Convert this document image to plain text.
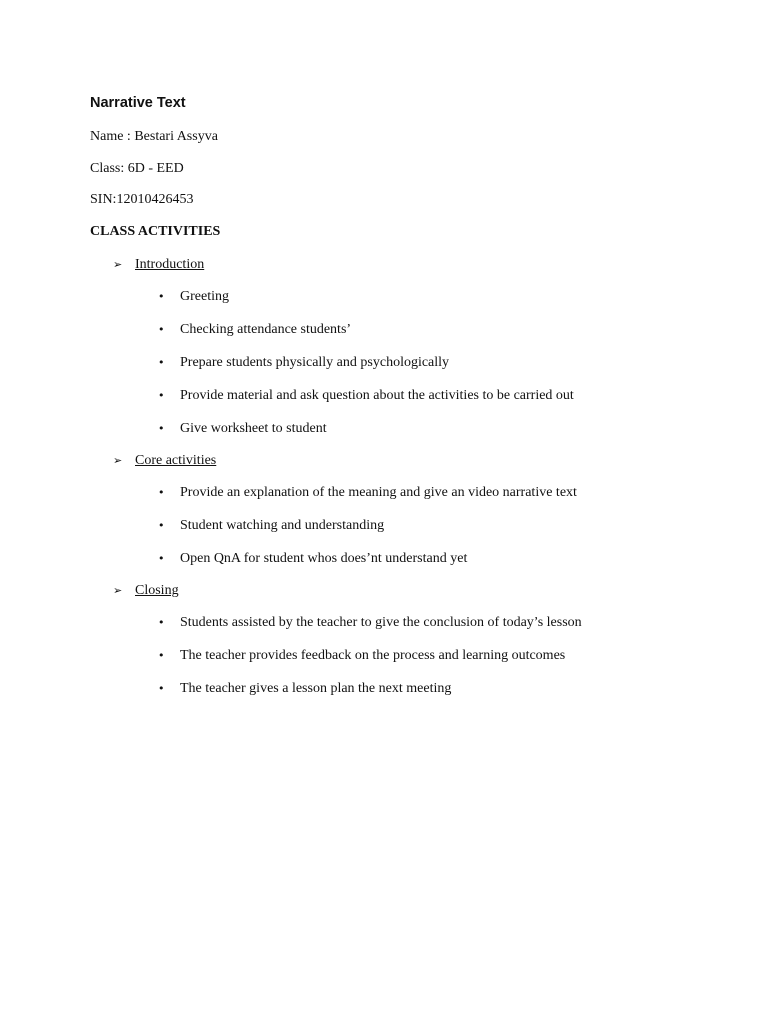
Narrative Text
Name : Bestari Assyva
Class: 6D - EED
SIN:12010426453
CLASS ACTIVITIES
➢ Introduction
• Greeting
• Checking attendance students’
• Prepare students physically and psychologically
• Provide material and ask question about the activities to be carried out
• Give worksheet to student
➢ Core activities
• Provide an explanation of the meaning and give an video narrative text
• Student watching and understanding
• Open QnA for student whos does’nt understand yet
➢ Closing
• Students assisted by the teacher to give the conclusion of today’s lesson
• The teacher provides feedback on the process and learning outcomes
• The teacher gives a lesson plan the next meeting
